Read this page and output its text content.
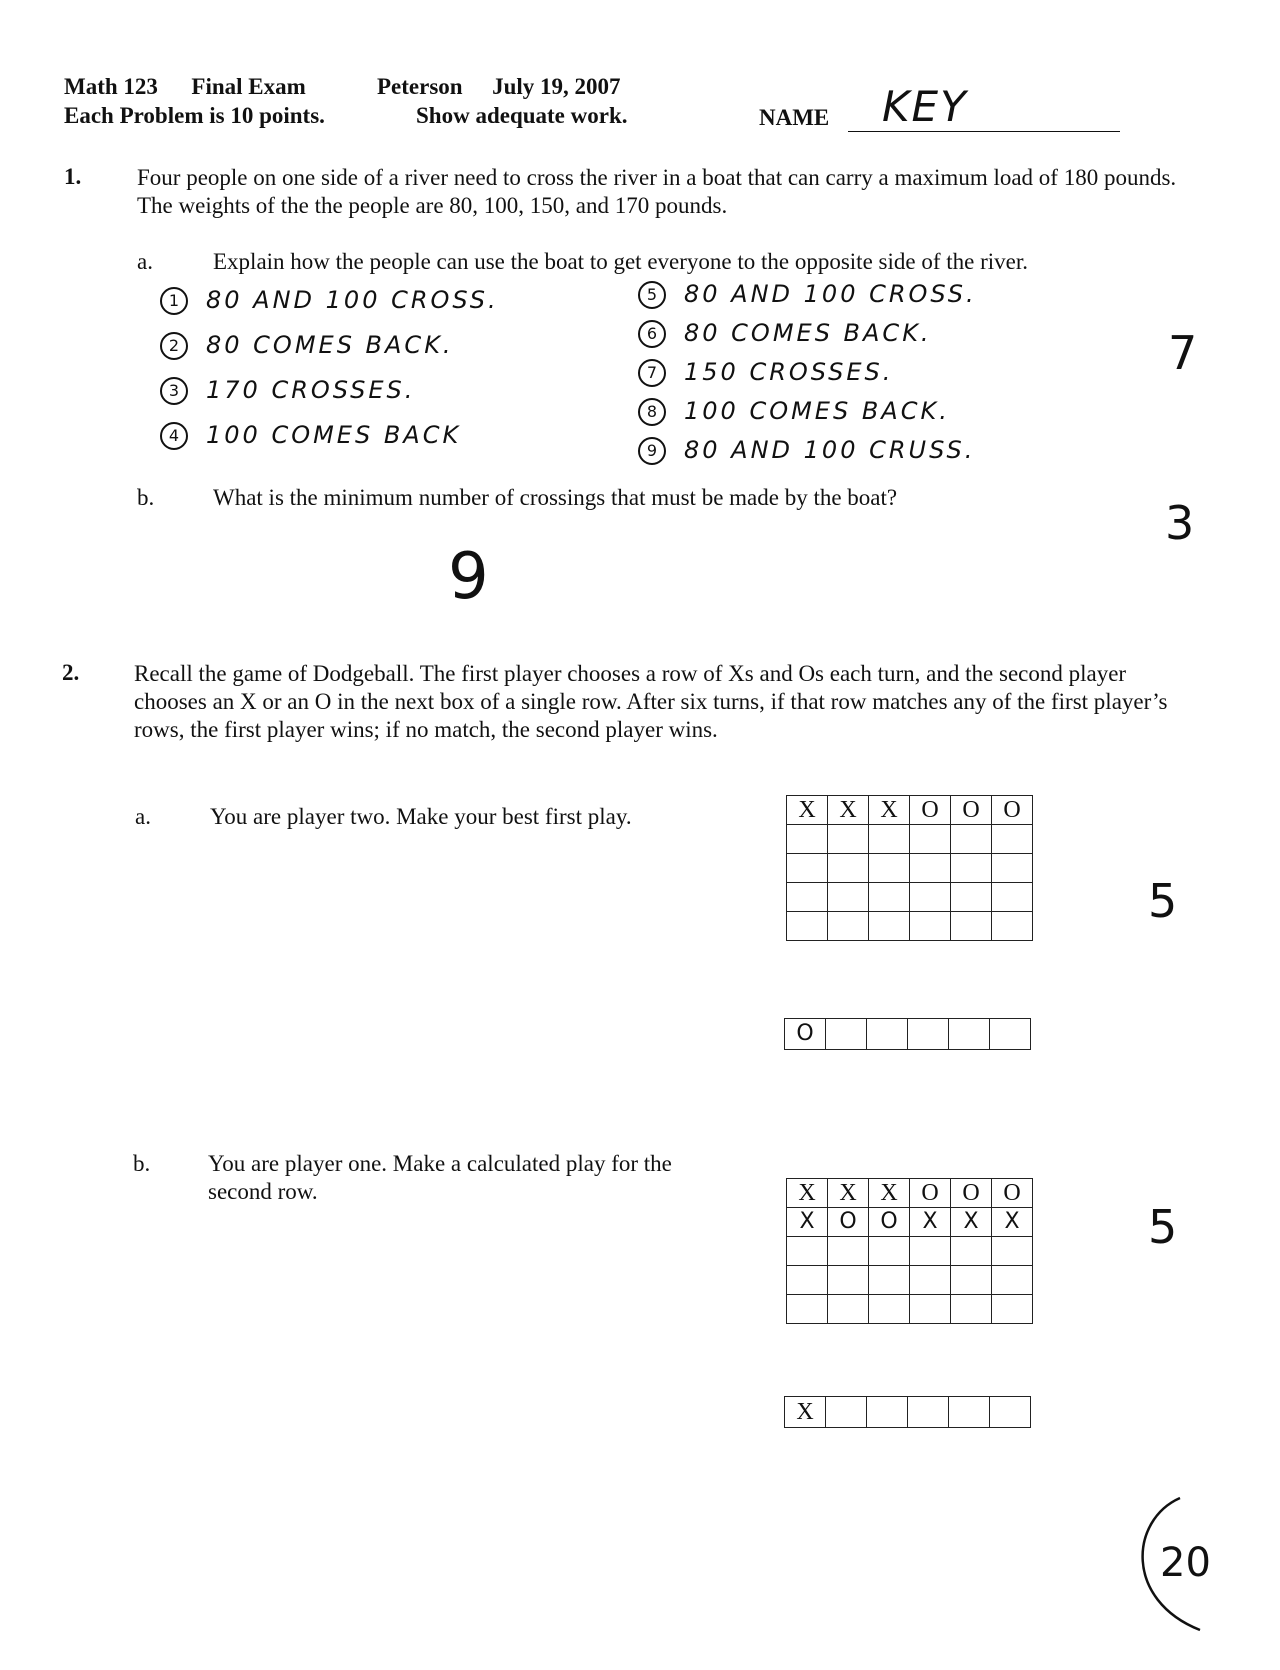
Math 123 Final Exam	Peterson July 19, 2007
Each Problem is 10 points.	Show adequate work.	NAME KEY
1. Four people on one side of a river need to cross the river in a boat that can carry a maximum load of 180 pounds. The weights of the the people are 80, 100, 150, and 170 pounds.
a.	Explain how the people can use the boat to get everyone to the opposite side of the river.
1 80 AND 100 CROSS.
2 80 COMES BACK.
3 170 CROSSES.
4 100 COMES BACK
5 80 AND 100 CROSS.
6 80 COMES BACK.
7 150 CROSSES.
8 100 COMES BACK.
9 80 AND 100 CRUSS.
7
b.	What is the minimum number of crossings that must be made by the boat?	3
9
2. Recall the game of Dodgeball. The first player chooses a row of Xs and Os each turn, and the second player chooses an X or an O in the next box of a single row. After six turns, if that row matches any of the first player’s rows, the first player wins; if no match, the second player wins.
a.	You are player two. Make your best first play.	X	X	X	O	O	O

O					
5
b.	You are player one. Make a calculated play for the second row.	X	X	X	O	O	O
X	O	O	X	X	X

X					
5
20
